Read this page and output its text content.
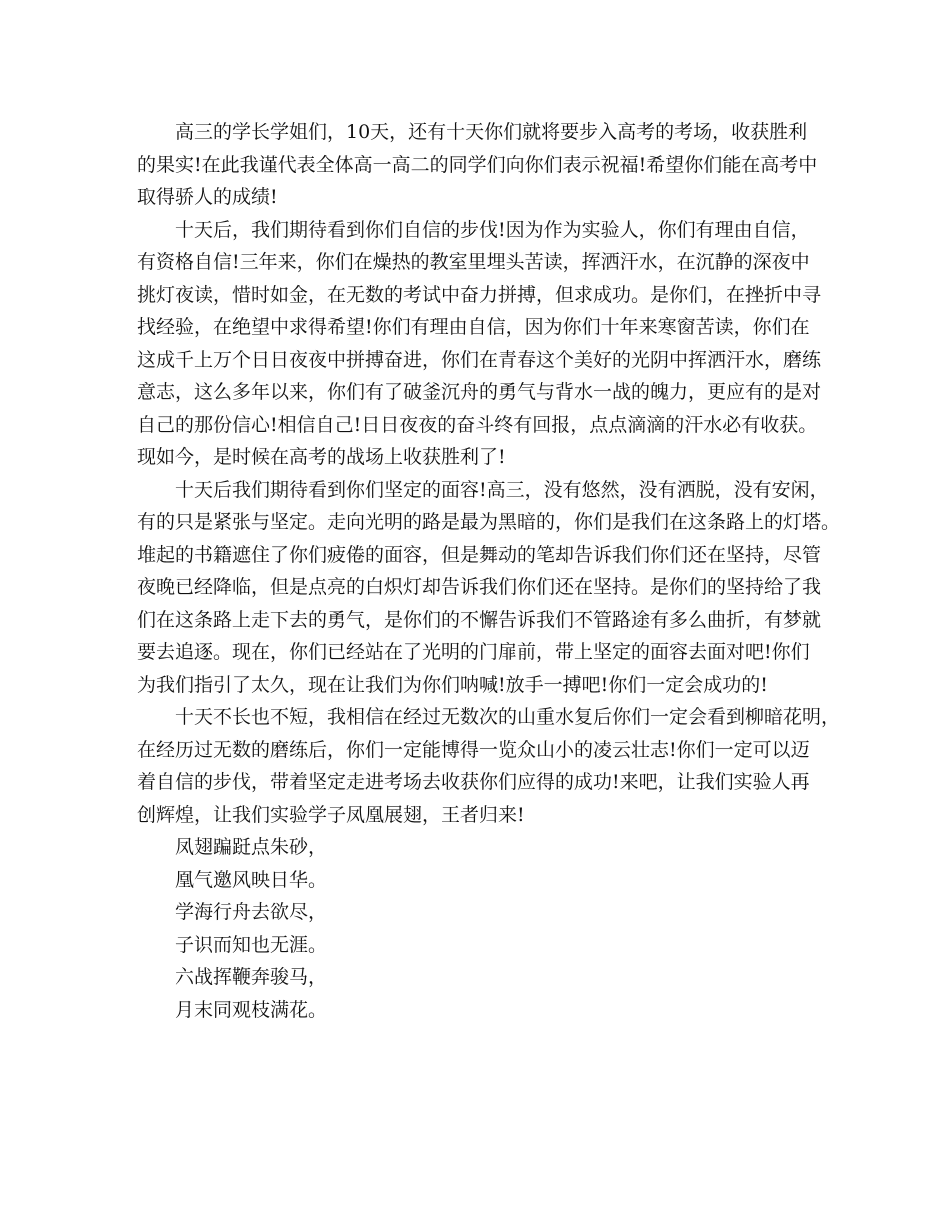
高三的学长学姐们，10天，还有十天你们就将要步入高考的考场，收获胜利
的果实!在此我谨代表全体高一高二的同学们向你们表示祝福!希望你们能在高考中
取得骄人的成绩!
十天后，我们期待看到你们自信的步伐!因为作为实验人，你们有理由自信，
有资格自信!三年来，你们在燥热的教室里埋头苦读，挥洒汗水，在沉静的深夜中
挑灯夜读，惜时如金，在无数的考试中奋力拼搏，但求成功。是你们，在挫折中寻
找经验，在绝望中求得希望!你们有理由自信，因为你们十年来寒窗苦读，你们在
这成千上万个日日夜夜中拼搏奋进，你们在青春这个美好的光阴中挥洒汗水，磨练
意志，这么多年以来，你们有了破釜沉舟的勇气与背水一战的魄力，更应有的是对
自己的那份信心!相信自己!日日夜夜的奋斗终有回报，点点滴滴的汗水必有收获。
现如今，是时候在高考的战场上收获胜利了!
十天后我们期待看到你们坚定的面容!高三，没有悠然，没有洒脱，没有安闲，
有的只是紧张与坚定。走向光明的路是最为黑暗的，你们是我们在这条路上的灯塔。
堆起的书籍遮住了你们疲倦的面容，但是舞动的笔却告诉我们你们还在坚持，尽管
夜晚已经降临，但是点亮的白炽灯却告诉我们你们还在坚持。是你们的坚持给了我
们在这条路上走下去的勇气，是你们的不懈告诉我们不管路途有多么曲折，有梦就
要去追逐。现在，你们已经站在了光明的门扉前，带上坚定的面容去面对吧!你们
为我们指引了太久，现在让我们为你们呐喊!放手一搏吧!你们一定会成功的!
十天不长也不短，我相信在经过无数次的山重水复后你们一定会看到柳暗花明，
在经历过无数的磨练后，你们一定能博得一览众山小的凌云壮志!你们一定可以迈
着自信的步伐，带着坚定走进考场去收获你们应得的成功!来吧，让我们实验人再
创辉煌，让我们实验学子凤凰展翅，王者归来!
凤翅蹁跹点朱砂，
凰气邀风映日华。
学海行舟去欲尽，
子识而知也无涯。
六战挥鞭奔骏马，
月末同观枝满花。
